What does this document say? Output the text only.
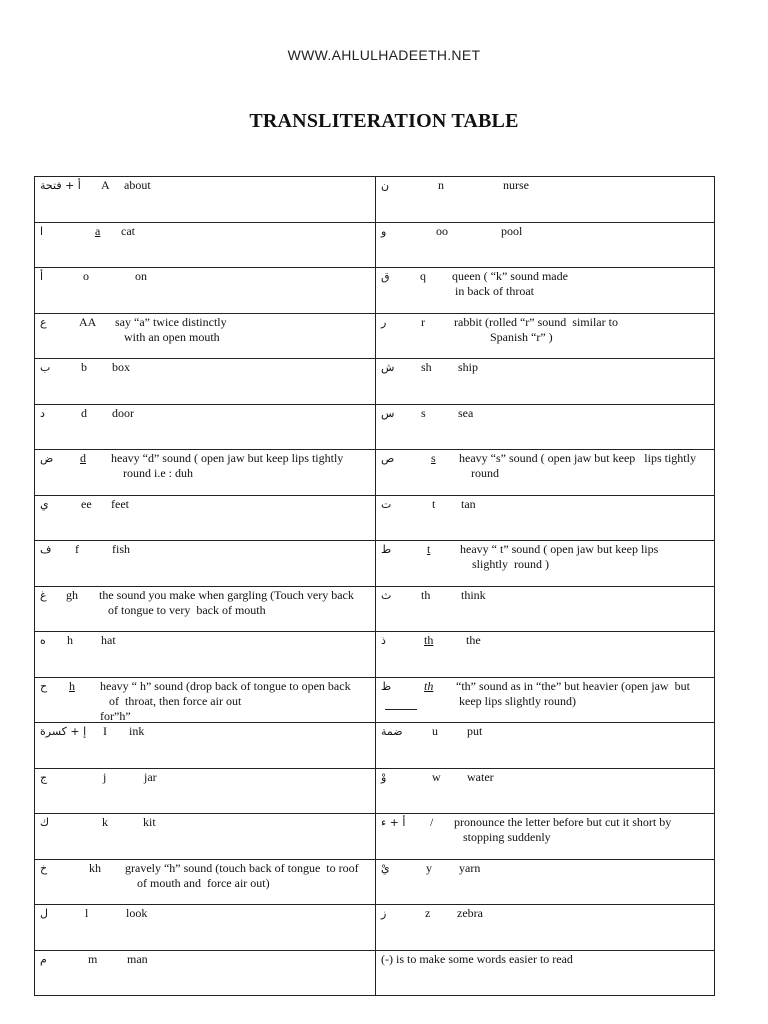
WWW.AHLULHADEETH.NET
TRANSLITERATION TABLE
أ + فتحة A about	ن n nurse

ا a cat	و oo pool

أ o on	ق q queen ( “k” sound made
in back of throat

ع AA say “a” twice distinctly
with an open mouth	ر r rabbit (rolled “r” sound  similar to
Spanish “r” )

ب b box	ش sh ship

د d door	س s sea

ض d heavy “d” sound ( open jaw but keep lips tightly
round i.e : duh	ص s heavy “s” sound ( open jaw but keep   lips tightly
round

ي ee feet	ت t tan

ف f fish	ط t heavy “ t” sound ( open jaw but keep lips
slightly  round )

غ gh the sound you make when gargling (Touch very back
of tongue to very  back of mouth	ث th think

ه h hat	ذ th the

ح h heavy “ h” sound (drop back of tongue to open back
of  throat, then force air out
for”h”	ظ th “th” sound as in “the” but heavier (open jaw  but
keep lips slightly round)

إ + كسرة I ink	ضمة u put

ج j jar	وْ w water

ك k kit	أ + ء / pronounce the letter before but cut it short by
stopping suddenly

خ kh gravely “h” sound (touch back of tongue  to roof
of mouth and  force air out)	يْ y yarn

ل l look	ز z zebra

م m man	(-) is to make some words easier to read
